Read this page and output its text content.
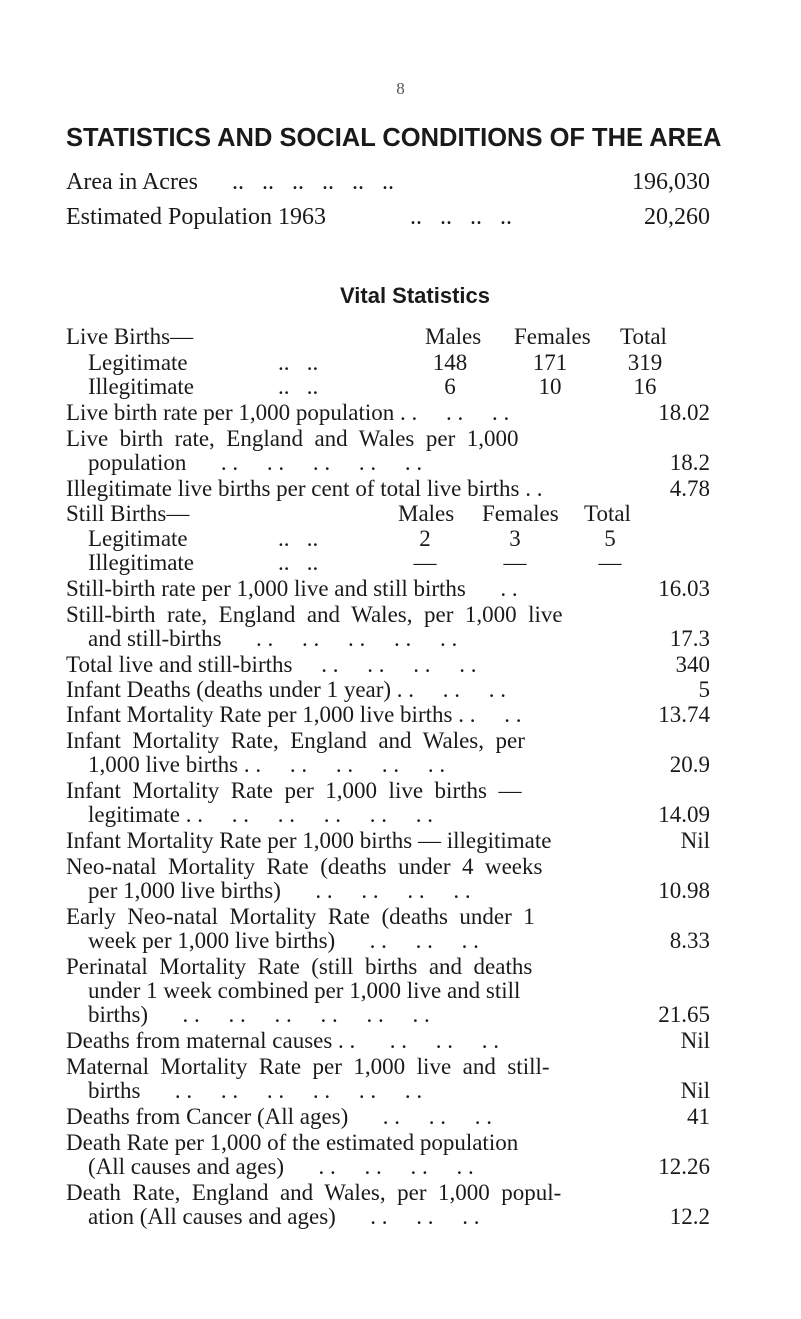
8
STATISTICS AND SOCIAL CONDITIONS OF THE AREA
Area in Acres ..   ..   ..   ..   ..   ..	196,030
Estimated Population 1963	..   ..   ..   ..	20,260
Vital Statistics
Live Births—	Males Females Total
Legitimate	..   ..	148	171	319
Illegitimate	..   ..	6	10	16
Live birth rate per 1,000 population . .     . .     . .	18.02
Live  birth  rate,  England  and  Wales  per  1,000
population      . .     . .     . .     . .     . .	18.2
Illegitimate live births per cent of total live births . .	4.78
Still Births—	Males Females Total
Legitimate	..   ..	2	3	5
Illegitimate	..   ..	—	—	—
Still-birth rate per 1,000 live and still births      . .	16.03
Still-birth  rate,  England  and  Wales,  per  1,000  live
and still-births      . .     . .     . .     . .     . .	17.3
Total live and still-births     . .     . .     . .     . .	340
Infant Deaths (deaths under 1 year) . .     . .     . .	5
Infant Mortality Rate per 1,000 live births . .     . .	13.74
Infant  Mortality  Rate,  England  and  Wales,  per
1,000 live births . .     . .     . .     . .     . .	20.9
Infant  Mortality  Rate  per  1,000  live  births  —
legitimate . .     . .     . .     . .     . .     . .	14.09
Infant Mortality Rate per 1,000 births — illegitimate	Nil
Neo-natal  Mortality  Rate  (deaths  under  4  weeks
per 1,000 live births)      . .     . .     . .     . .	10.98
Early  Neo-natal  Mortality  Rate  (deaths  under  1
week per 1,000 live births)      . .     . .     . .	8.33
Perinatal  Mortality  Rate  (still  births  and  deaths
under 1 week combined per 1,000 live and still
births)      . .     . .     . .     . .     . .     . .	21.65
Deaths from maternal causes . .      . .     . .     . .	Nil
Maternal  Mortality  Rate  per  1,000  live  and  still-
births      . .     . .     . .     . .     . .     . .	Nil
Deaths from Cancer (All ages)      . .     . .     . .	41
Death Rate per 1,000 of the estimated population
(All causes and ages)      . .     . .     . .     . .	12.26
Death  Rate,  England  and  Wales,  per  1,000  popul-
ation (All causes and ages)      . .     . .     . .	12.2
